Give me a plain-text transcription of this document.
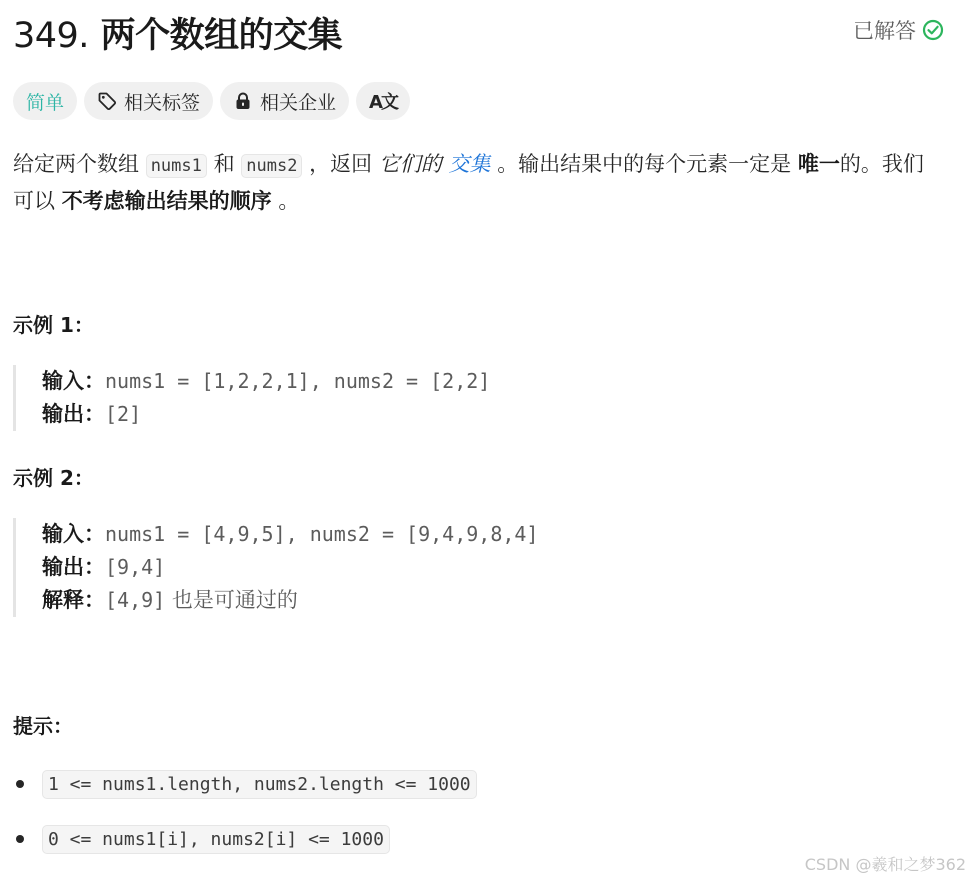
349. 两个数组的交集	已解答
简单	相关标签	相关企业 A文
给定两个数组 nums1 和 nums2 ，返回 它们的 交集 。输出结果中的每个元素一定是 唯一的。我们可以 不考虑输出结果的顺序 。
示例 1：
输入：nums1 = [1,2,2,1], nums2 = [2,2]
输出：[2]
示例 2：
输入：nums1 = [4,9,5], nums2 = [9,4,9,8,4]
输出：[9,4]
解释：[4,9] 也是可通过的
提示：
1 <= nums1.length, nums2.length <= 1000
0 <= nums1[i], nums2[i] <= 1000
CSDN @羲和之梦362
